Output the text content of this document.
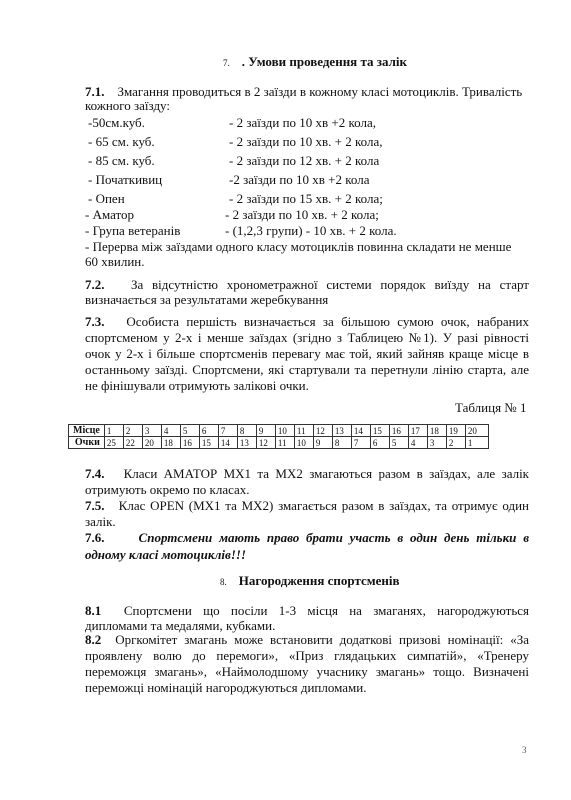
7. . Умови проведення та залік
7.1. Змагання проводиться в 2 заїзди в кожному класі мотоциклів. Тривалість
кожного заїзду:
-50см.куб.	- 2 заїзди по 10 хв +2 кола,
- 65 см. куб.	- 2 заїзди по 10 хв. + 2 кола,
- 85 см. куб.	- 2 заїзди по 12 хв. + 2 кола
- Початкивиц	-2 заїзди по 10 хв +2 кола
- Опен	- 2 заїзди по 15 хв. + 2 кола;
- Аматор	- 2 заїзди по 10 хв. + 2 кола;
- Група ветеранів	- (1,2,3 групи) - 10 хв. + 2 кола.
- Перерва між заїздами одного класу мотоциклів повинна складати не менше
60 хвилин.
7.2. За відсутністю хронометражної системи порядок виїзду на старт
визначається за результатами жеребкування
7.3. Особиста першість визначається за більшою сумою очок, набраних
спортсменом у 2-х і менше заїздах (згідно з Таблицею №1). У разі рівності
очок у 2-х і більше спортсменів перевагу має той, який зайняв краще місце в
останньому заїзді. Спортсмени, які стартували та перетнули лінію старта, але
не фінішували отримують залікові очки.
Таблиця № 1
Місце	1	2	3	4	5	6	7	8	9	10	11	12	13	14	15	16	17	18	19	20
Очки	25	22	20	18	16	15	14	13	12	11	10	9	8	7	6	5	4	3	2	1
7.4. Класи АМАТОР МХ1 та МХ2 змагаються разом в заїздах, але залік
отримують окремо по класах.
7.5. Клас OPEN (МХ1 та МХ2) змагається разом в заїздах, та отримує один
залік.
7.6.	Спортсмени мають право брати участь в один день тільки в
одному класі мотоциклів!!!
8. Нагородження спортсменів
8.1 Спортсмени що посіли 1-3 місця на змаганях, нагороджуються
дипломами та медалями, кубками.
8.2 Оргкомітет змагань може встановити додаткові призові номінації: «За
проявлену волю до перемоги», «Приз глядацьких симпатій», «Тренеру
переможця змагань», «Наймолодшому учаснику змагань» тощо. Визначені
переможці номінацій нагороджуються дипломами.
3
